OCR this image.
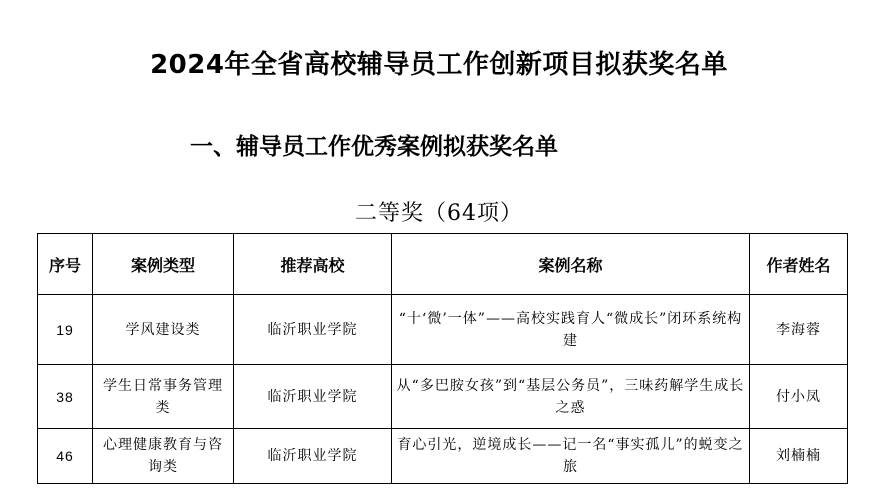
2024年全省高校辅导员工作创新项目拟获奖名单
一、辅导员工作优秀案例拟获奖名单
二等奖（64项）
序号	案例类型	推荐高校	案例名称	作者姓名
19	学风建设类	临沂职业学院	“十‘微’一体”——高校实践育人“微成长”闭环系统构建	李海蓉
38	学生日常事务管理类	临沂职业学院	从“多巴胺女孩”到“基层公务员”，三味药解学生成长之惑	付小凤
46	心理健康教育与咨询类	临沂职业学院	育心引光，逆境成长——记一名“事实孤儿”的蜕变之旅	刘楠楠
